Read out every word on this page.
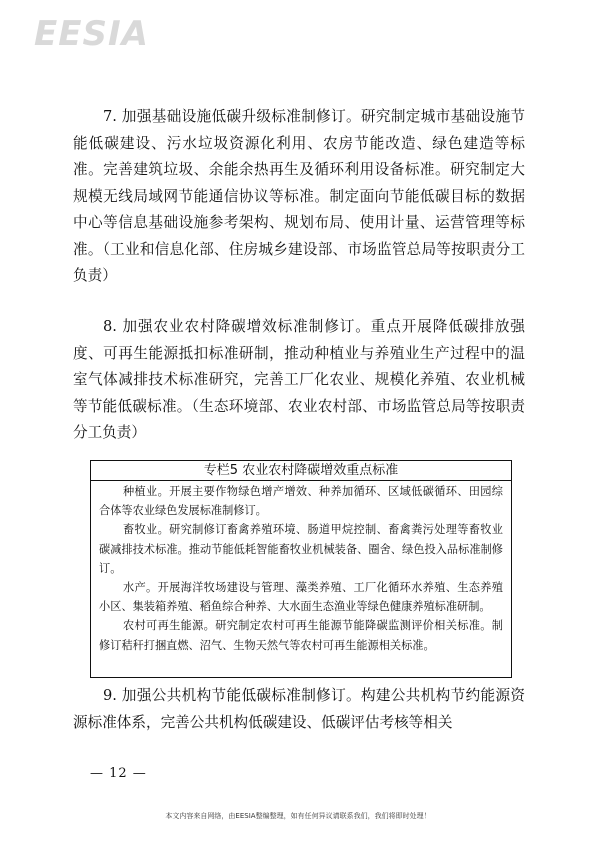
EESIA

7. 加强基础设施低碳升级标准制修订。研究制定城市基础设施节能低碳建设、污水垃圾资源化利用、农房节能改造、绿色建造等标准。完善建筑垃圾、余能余热再生及循环利用设备标准。研究制定大规模无线局域网节能通信协议等标准。制定面向节能低碳目标的数据中心等信息基础设施参考架构、规划布局、使用计量、运营管理等标准。（工业和信息化部、住房城乡建设部、市场监管总局等按职责分工负责）

8. 加强农业农村降碳增效标准制修订。重点开展降低碳排放强度、可再生能源抵扣标准研制，推动种植业与养殖业生产过程中的温室气体减排技术标准研究，完善工厂化农业、规模化养殖、农业机械等节能低碳标准。（生态环境部、农业农村部、市场监管总局等按职责分工负责）

专栏5 农业农村降碳增效重点标准

种植业。开展主要作物绿色增产增效、种养加循环、区域低碳循环、田园综合体等农业绿色发展标准制修订。

畜牧业。研究制修订畜禽养殖环境、肠道甲烷控制、畜禽粪污处理等畜牧业碳减排技术标准。推动节能低耗智能畜牧业机械装备、圈舍、绿色投入品标准制修订。

水产。开展海洋牧场建设与管理、藻类养殖、工厂化循环水养殖、生态养殖小区、集装箱养殖、稻鱼综合种养、大水面生态渔业等绿色健康养殖标准研制。

农村可再生能源。研究制定农村可再生能源节能降碳监测评价相关标准。制修订秸秆打捆直燃、沼气、生物天然气等农村可再生能源相关标准。

9. 加强公共机构节能低碳标准制修订。构建公共机构节约能源资源标准体系，完善公共机构低碳建设、低碳评估考核等相关

— 12 —
本文内容来自网络，由EESIA整编整理，如有任何异议请联系我们，我们将即时处理！
